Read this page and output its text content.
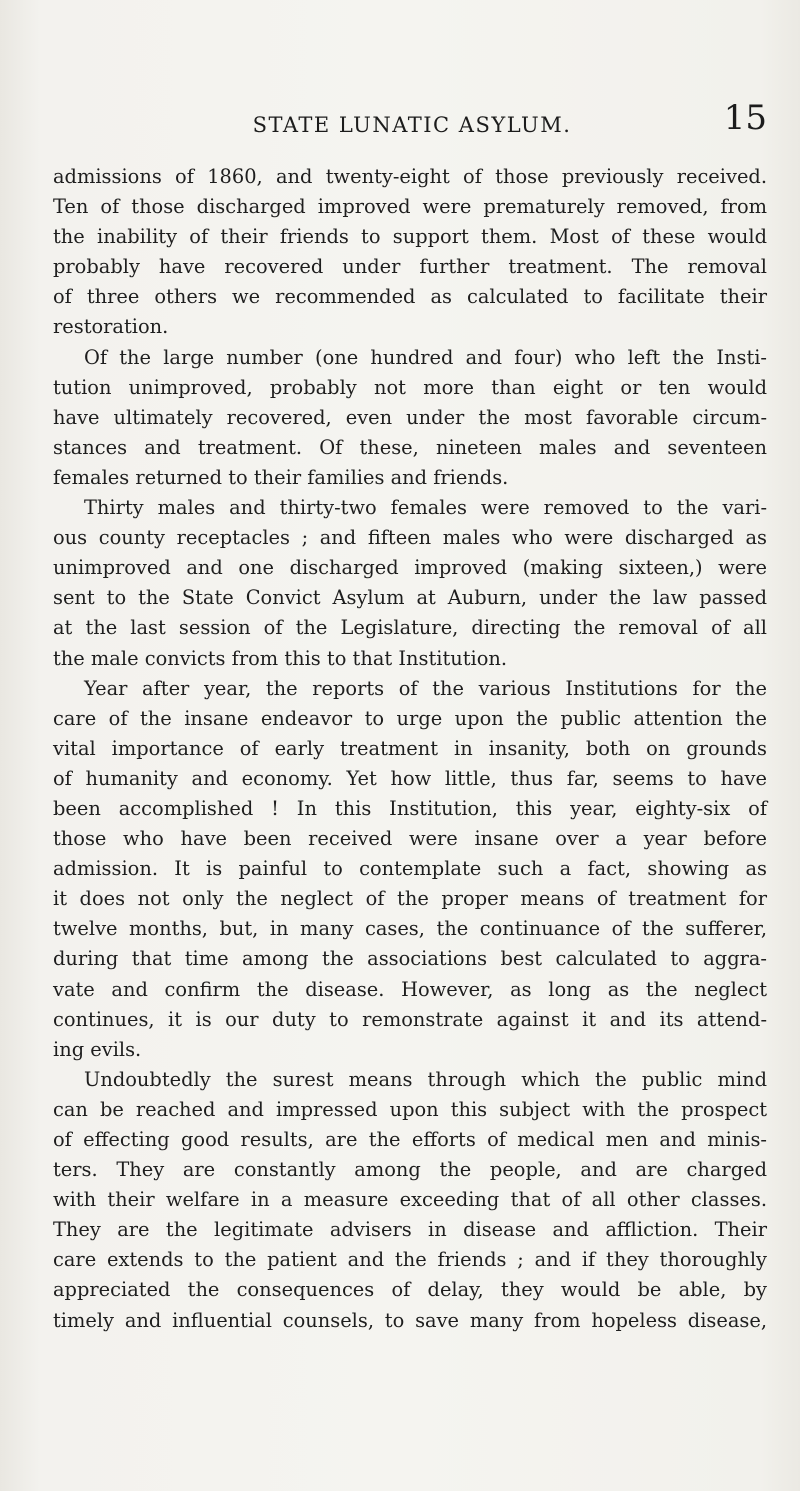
STATE LUNATIC ASYLUM.	15
admissions of 1860, and twenty-eight of those previously received.
Ten of those discharged improved were prematurely removed, from
the inability of their friends to support them. Most of these would
probably have recovered under further treatment. The removal
of three others we recommended as calculated to facilitate their
restoration.
Of the large number (one hundred and four) who left the Insti-
tution unimproved, probably not more than eight or ten would
have ultimately recovered, even under the most favorable circum-
stances and treatment. Of these, nineteen males and seventeen
females returned to their families and friends.
Thirty males and thirty-two females were removed to the vari-
ous county receptacles ; and fifteen males who were discharged as
unimproved and one discharged improved (making sixteen,) were
sent to the State Convict Asylum at Auburn, under the law passed
at the last session of the Legislature, directing the removal of all
the male convicts from this to that Institution.
Year after year, the reports of the various Institutions for the
care of the insane endeavor to urge upon the public attention the
vital importance of early treatment in insanity, both on grounds
of humanity and economy. Yet how little, thus far, seems to have
been accomplished ! In this Institution, this year, eighty-six of
those who have been received were insane over a year before
admission. It is painful to contemplate such a fact, showing as
it does not only the neglect of the proper means of treatment for
twelve months, but, in many cases, the continuance of the sufferer,
during that time among the associations best calculated to aggra-
vate and confirm the disease. However, as long as the neglect
continues, it is our duty to remonstrate against it and its attend-
ing evils.
Undoubtedly the surest means through which the public mind
can be reached and impressed upon this subject with the prospect
of effecting good results, are the efforts of medical men and minis-
ters. They are constantly among the people, and are charged
with their welfare in a measure exceeding that of all other classes.
They are the legitimate advisers in disease and affliction. Their
care extends to the patient and the friends ; and if they thoroughly
appreciated the consequences of delay, they would be able, by
timely and influential counsels, to save many from hopeless disease,
